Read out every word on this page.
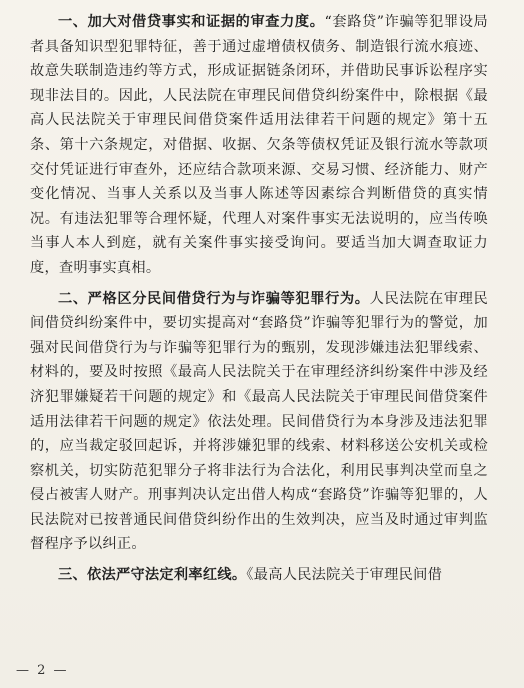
一、加大对借贷事实和证据的审查力度。“套路贷”诈骗等犯罪设局者具备知识型犯罪特征，善于通过虚增债权债务、制造银行流水痕迹、故意失联制造违约等方式，形成证据链条闭环，并借助民事诉讼程序实现非法目的。因此，人民法院在审理民间借贷纠纷案件中，除根据《最高人民法院关于审理民间借贷案件适用法律若干问题的规定》第十五条、第十六条规定，对借据、收据、欠条等债权凭证及银行流水等款项交付凭证进行审查外，还应结合款项来源、交易习惯、经济能力、财产变化情况、当事人关系以及当事人陈述等因素综合判断借贷的真实情况。有违法犯罪等合理怀疑，代理人对案件事实无法说明的，应当传唤当事人本人到庭，就有关案件事实接受询问。要适当加大调查取证力度，查明事实真相。

二、严格区分民间借贷行为与诈骗等犯罪行为。人民法院在审理民间借贷纠纷案件中，要切实提高对“套路贷”诈骗等犯罪行为的警觉，加强对民间借贷行为与诈骗等犯罪行为的甄别，发现涉嫌违法犯罪线索、材料的，要及时按照《最高人民法院关于在审理经济纠纷案件中涉及经济犯罪嫌疑若干问题的规定》和《最高人民法院关于审理民间借贷案件适用法律若干问题的规定》依法处理。民间借贷行为本身涉及违法犯罪的，应当裁定驳回起诉，并将涉嫌犯罪的线索、材料移送公安机关或检察机关，切实防范犯罪分子将非法行为合法化，利用民事判决堂而皇之侵占被害人财产。刑事判决认定出借人构成“套路贷”诈骗等犯罪的，人民法院对已按普通民间借贷纠纷作出的生效判决，应当及时通过审判监督程序予以纠正。

三、依法严守法定利率红线。《最高人民法院关于审理民间借

— 2 —
